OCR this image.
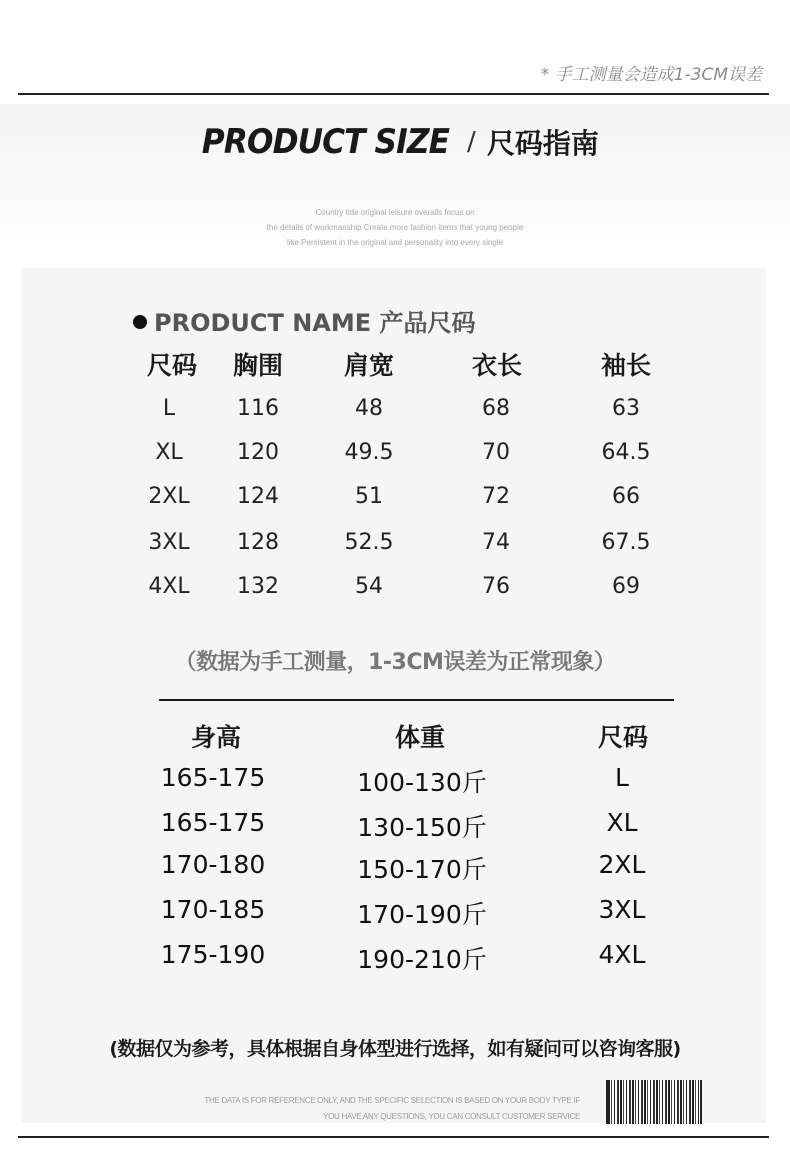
* 手工测量会造成1-3CM误差
PRODUCT SIZE / 尺码指南
Country tide original leisure overalls focus on
the details of workmanship Create more fashion items that young people
like Persistent in the original and personality into every single
PRODUCT NAME 产品尺码
尺码 胸围 肩宽	衣长	袖长
L	116	48	68	63
XL 120	49.5	70	64.5
2XL 124	51	72	66
3XL 128	52.5	74	67.5
4XL 132	54	76	69
（数据为手工测量，1-3CM误差为正常现象）
身高	体重	尺码
165-175	100-130斤	L
165-175	130-150斤	XL
170-180	150-170斤	2XL
170-185	170-190斤	3XL
175-190	190-210斤	4XL
(数据仅为参考，具体根据自身体型进行选择，如有疑问可以咨询客服)
THE DATA IS FOR REFERENCE ONLY, AND THE SPECIFIC SELECTION IS BASED ON YOUR BODY TYPE IF
YOU HAVE ANY QUESTIONS, YOU CAN CONSULT CUSTOMER SERVICE
